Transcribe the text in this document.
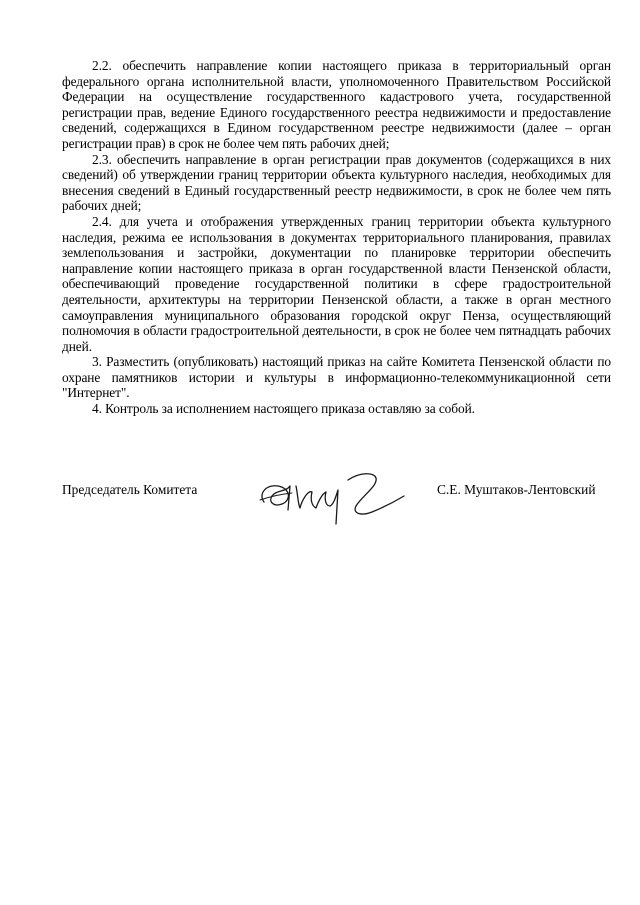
2.2. обеспечить направление копии настоящего приказа в территориальный орган федерального органа исполнительной власти, уполномоченного Правительством Российской Федерации на осуществление государственного кадастрового учета, государственной регистрации прав, ведение Единого государственного реестра недвижимости и предоставление сведений, содержащихся в Едином государственном реестре недвижимости (далее – орган регистрации прав) в срок не более чем пять рабочих дней;

2.3. обеспечить направление в орган регистрации прав документов (содержащихся в них сведений) об утверждении границ территории объекта культурного наследия, необходимых для внесения сведений в Единый государственный реестр недвижимости, в срок не более чем пять рабочих дней;

2.4. для учета и отображения утвержденных границ территории объекта культурного наследия, режима ее использования в документах территориального планирования, правилах землепользования и застройки, документации по планировке территории обеспечить направление копии настоящего приказа в орган государственной власти Пензенской области, обеспечивающий проведение государственной политики в сфере градостроительной деятельности, архитектуры на территории Пензенской области, а также в орган местного самоуправления муниципального образования городской округ Пенза, осуществляющий полномочия в области градостроительной деятельности, в срок не более чем пятнадцать рабочих дней.

3. Разместить (опубликовать) настоящий приказ на сайте Комитета Пензенской области по охране памятников истории и культуры в информационно-телекоммуникационной сети "Интернет".

4. Контроль за исполнением настоящего приказа оставляю за собой.

Председатель Комитета	С.Е. Муштаков-Лентовский
